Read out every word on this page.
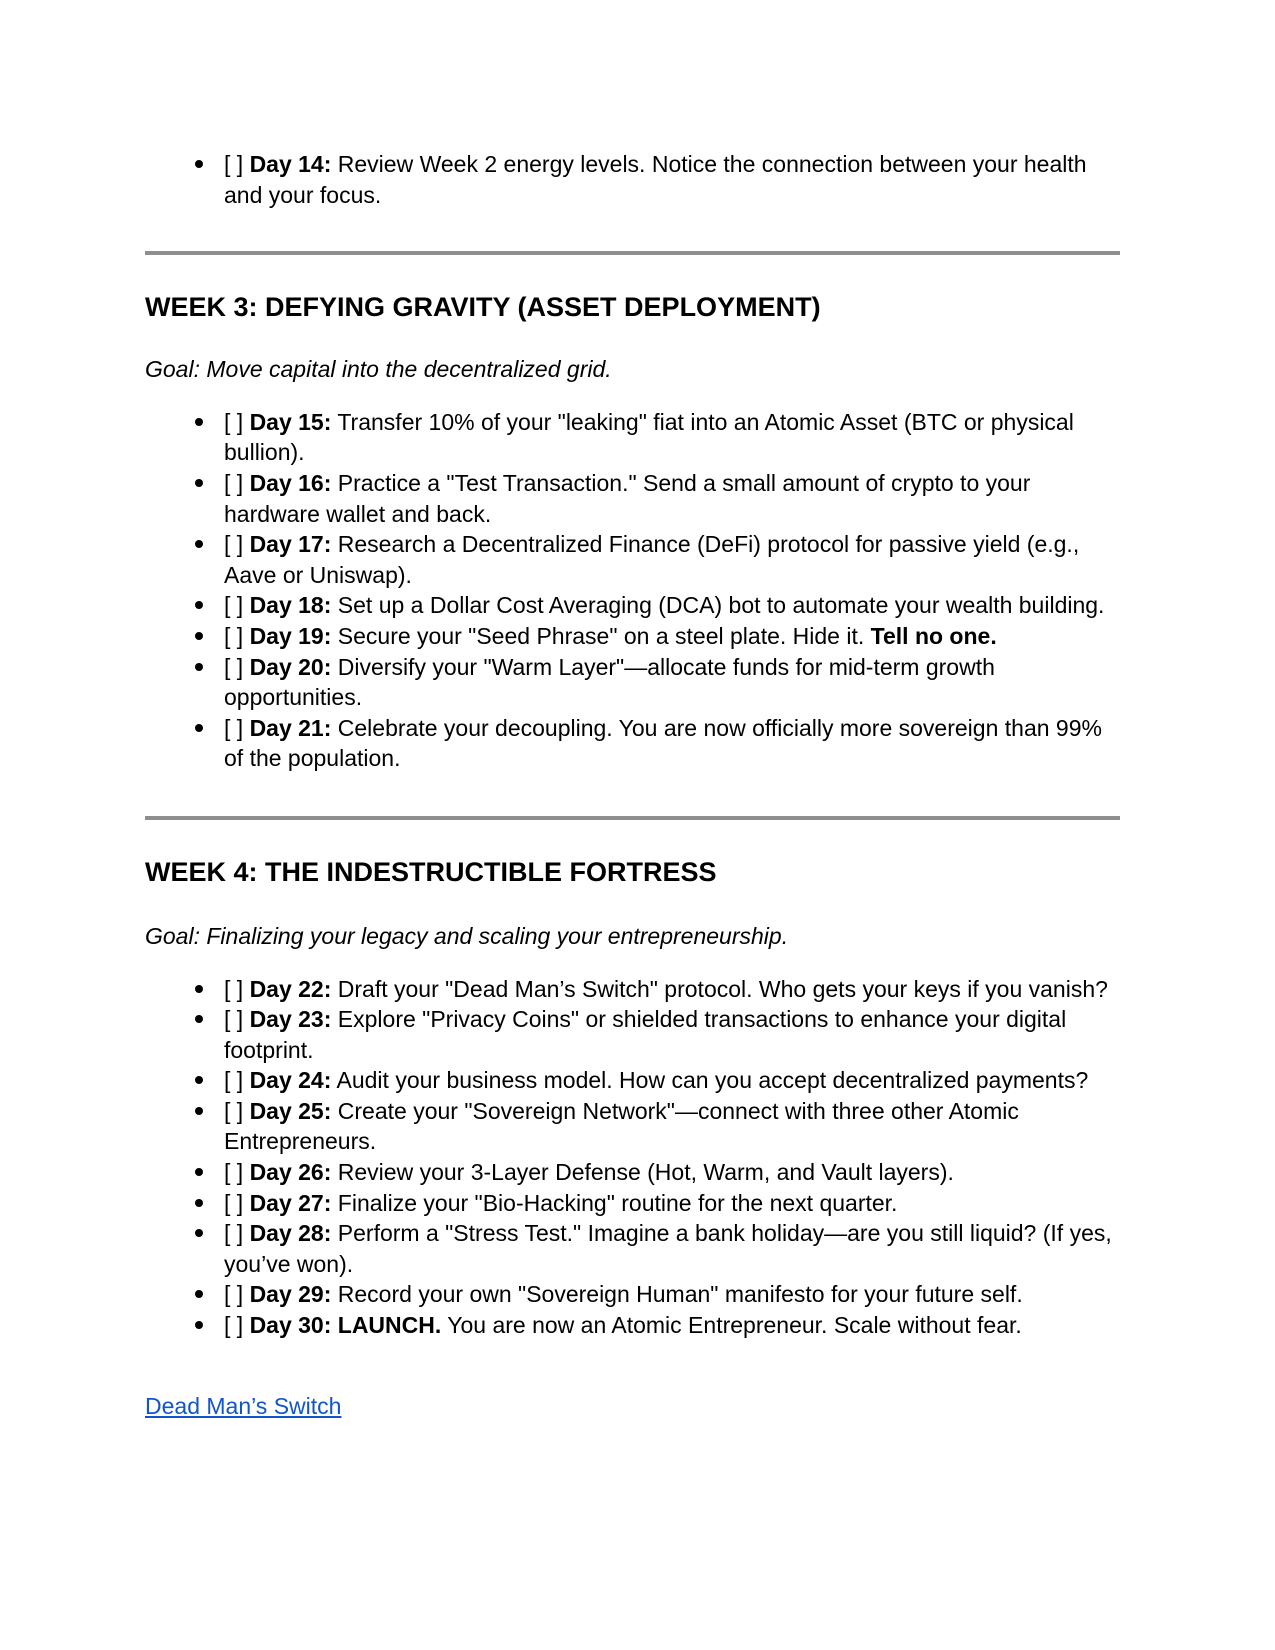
[ ] Day 14: Review Week 2 energy levels. Notice the connection between your health and your focus.
WEEK 3: DEFYING GRAVITY (ASSET DEPLOYMENT)

Goal: Move capital into the decentralized grid.

[ ] Day 15: Transfer 10% of your "leaking" fiat into an Atomic Asset (BTC or physical bullion).
[ ] Day 16: Practice a "Test Transaction." Send a small amount of crypto to your hardware wallet and back.
[ ] Day 17: Research a Decentralized Finance (DeFi) protocol for passive yield (e.g., Aave or Uniswap).
[ ] Day 18: Set up a Dollar Cost Averaging (DCA) bot to automate your wealth building.
[ ] Day 19: Secure your "Seed Phrase" on a steel plate. Hide it. Tell no one.
[ ] Day 20: Diversify your "Warm Layer"—allocate funds for mid-term growth opportunities.
[ ] Day 21: Celebrate your decoupling. You are now officially more sovereign than 99% of the population.
WEEK 4: THE INDESTRUCTIBLE FORTRESS

Goal: Finalizing your legacy and scaling your entrepreneurship.

[ ] Day 22: Draft your "Dead Man’s Switch" protocol. Who gets your keys if you vanish?
[ ] Day 23: Explore "Privacy Coins" or shielded transactions to enhance your digital footprint.
[ ] Day 24: Audit your business model. How can you accept decentralized payments?
[ ] Day 25: Create your "Sovereign Network"—connect with three other Atomic Entrepreneurs.
[ ] Day 26: Review your 3-Layer Defense (Hot, Warm, and Vault layers).
[ ] Day 27: Finalize your "Bio-Hacking" routine for the next quarter.
[ ] Day 28: Perform a "Stress Test." Imagine a bank holiday—are you still liquid? (If yes, you’ve won).
[ ] Day 29: Record your own "Sovereign Human" manifesto for your future self.
[ ] Day 30: LAUNCH. You are now an Atomic Entrepreneur. Scale without fear.

Dead Man’s Switch
